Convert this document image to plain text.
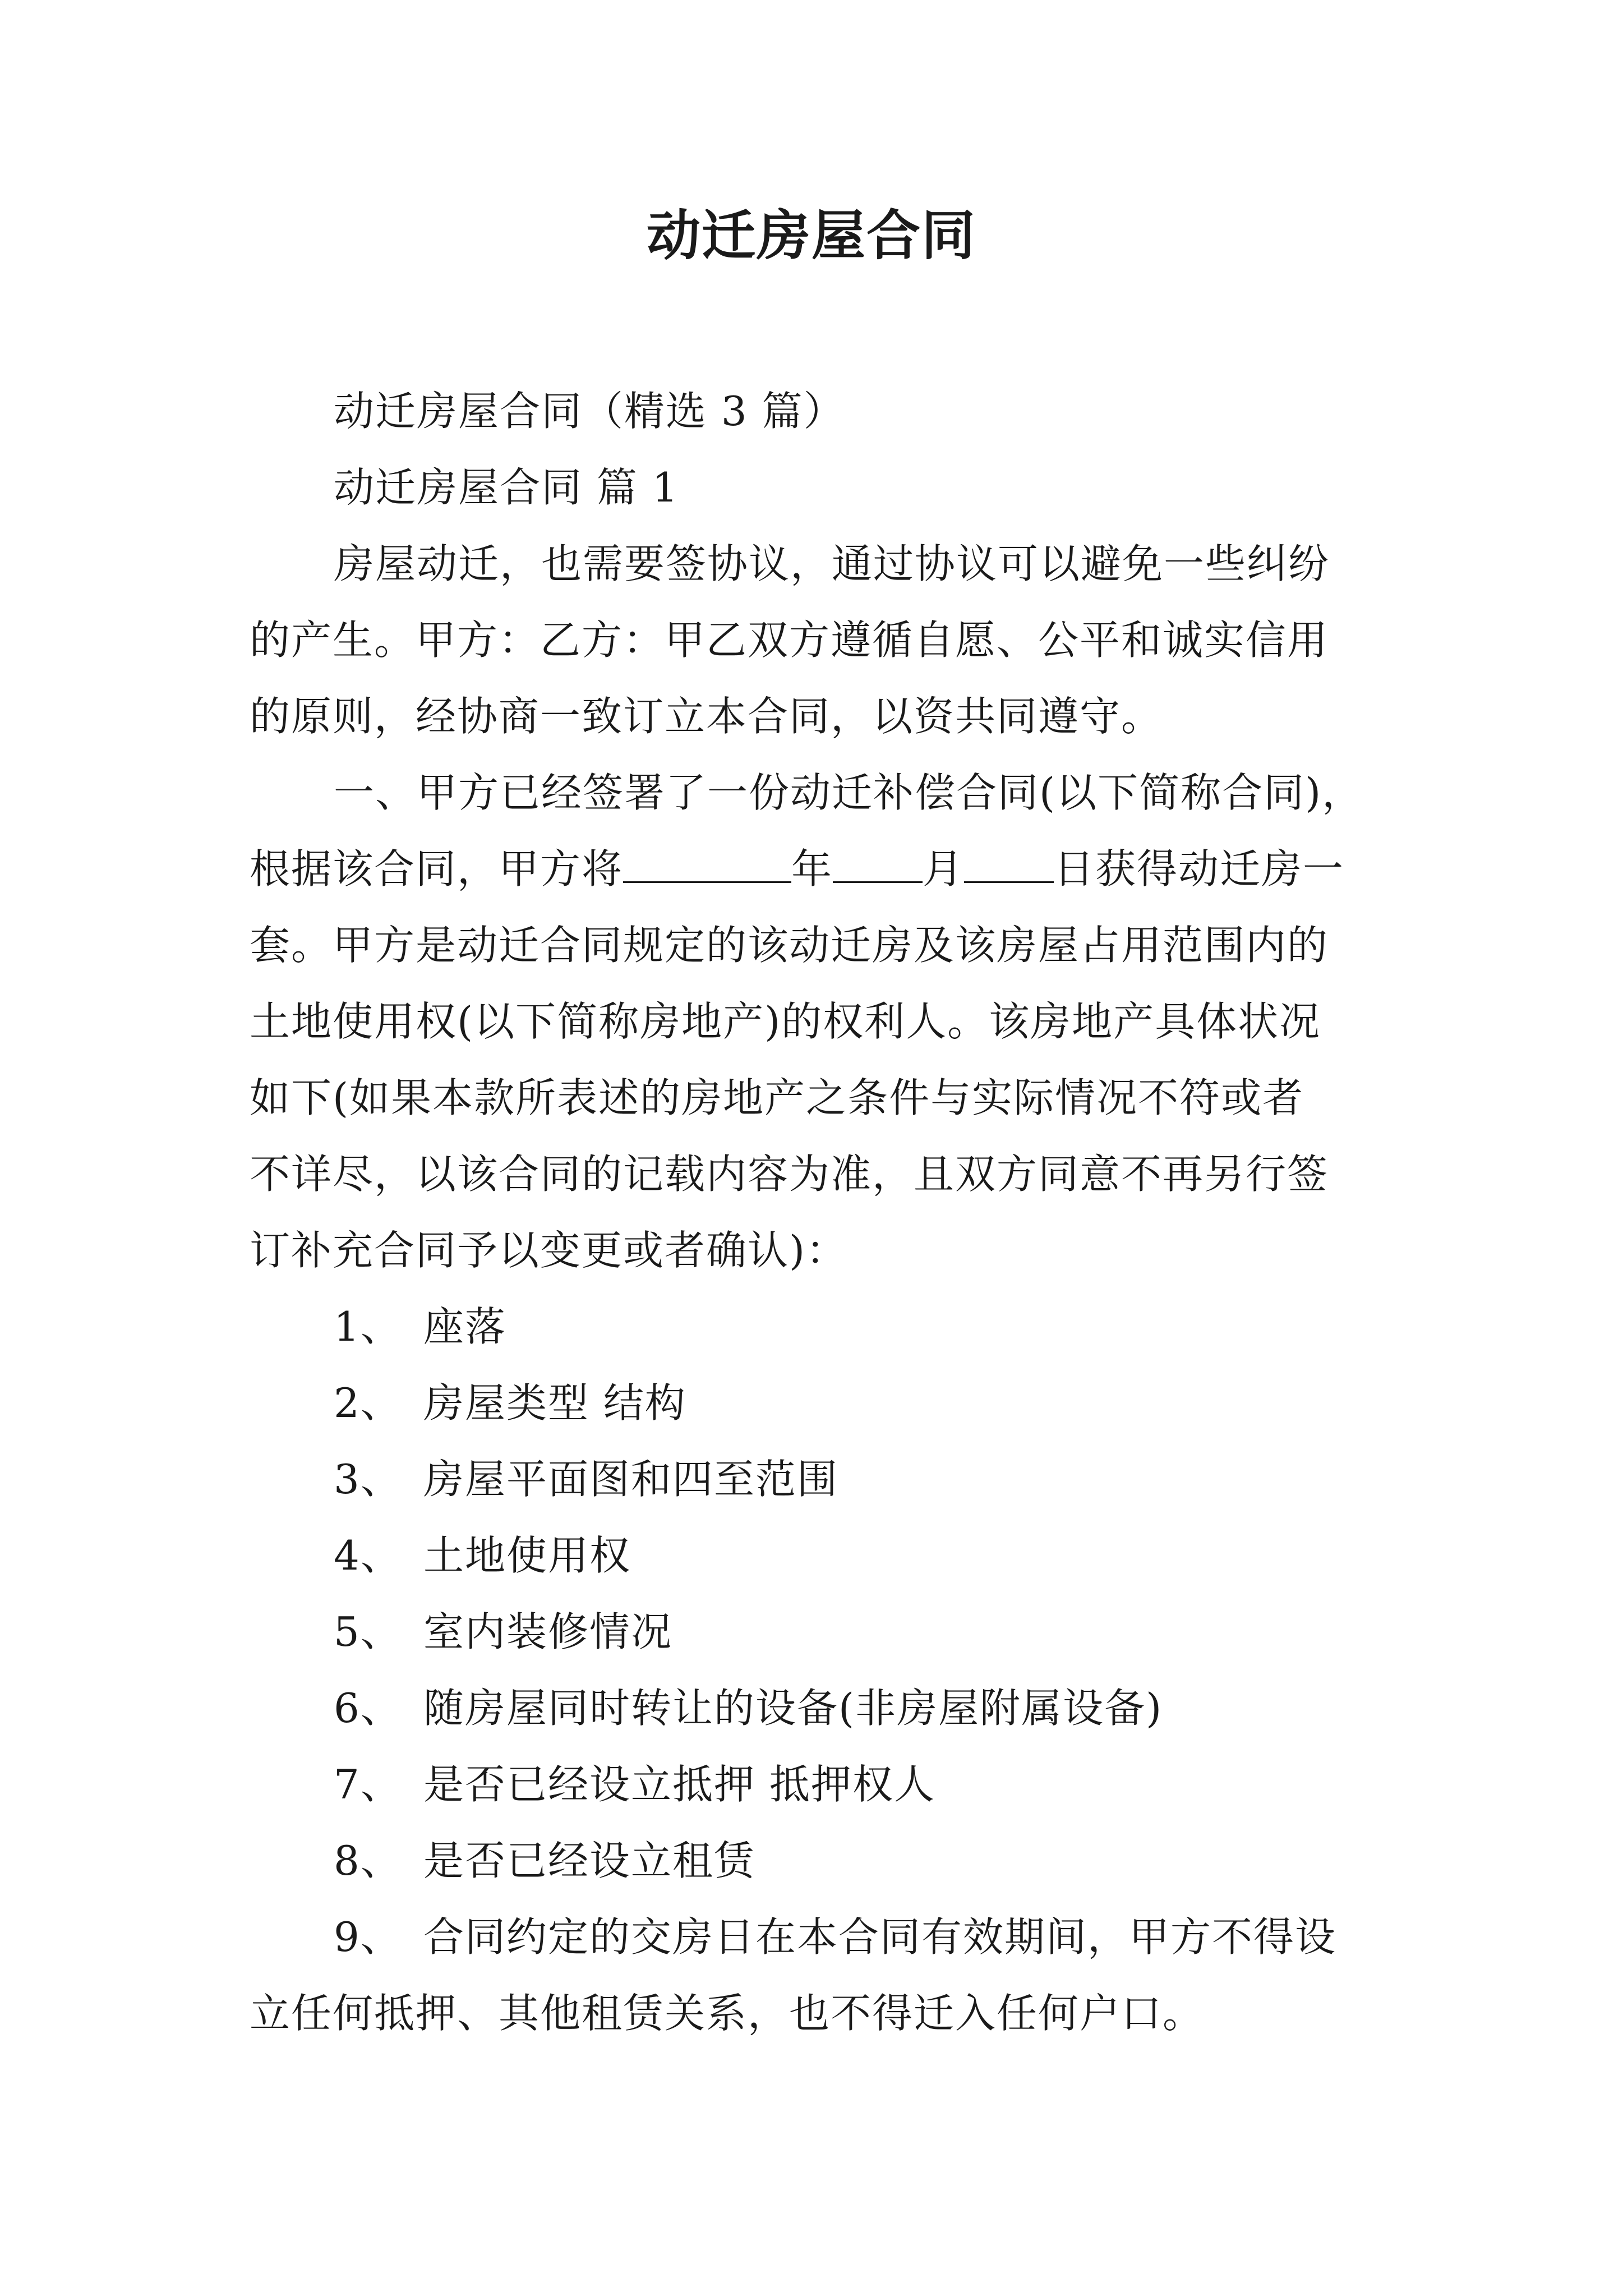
动迁房屋合同
动迁房屋合同（精选 3 篇）
动迁房屋合同 篇 1
房屋动迁，也需要签协议，通过协议可以避免一些纠纷
的产生。甲方：乙方：甲乙双方遵循自愿、公平和诚实信用
的原则，经协商一致订立本合同，以资共同遵守。
一、甲方已经签署了一份动迁补偿合同(以下简称合同)，
根据该合同，甲方将	年 月 日获得动迁房一
套。甲方是动迁合同规定的该动迁房及该房屋占用范围内的
土地使用权(以下简称房地产)的权利人。该房地产具体状况
如下(如果本款所表述的房地产之条件与实际情况不符或者
不详尽，以该合同的记载内容为准，且双方同意不再另行签
订补充合同予以变更或者确认)：
1、 座落
2、 房屋类型 结构
3、 房屋平面图和四至范围
4、 土地使用权
5、 室内装修情况
6、 随房屋同时转让的设备(非房屋附属设备)
7、 是否已经设立抵押 抵押权人
8、 是否已经设立租赁
9、 合同约定的交房日在本合同有效期间，甲方不得设
立任何抵押、其他租赁关系，也不得迁入任何户口。
